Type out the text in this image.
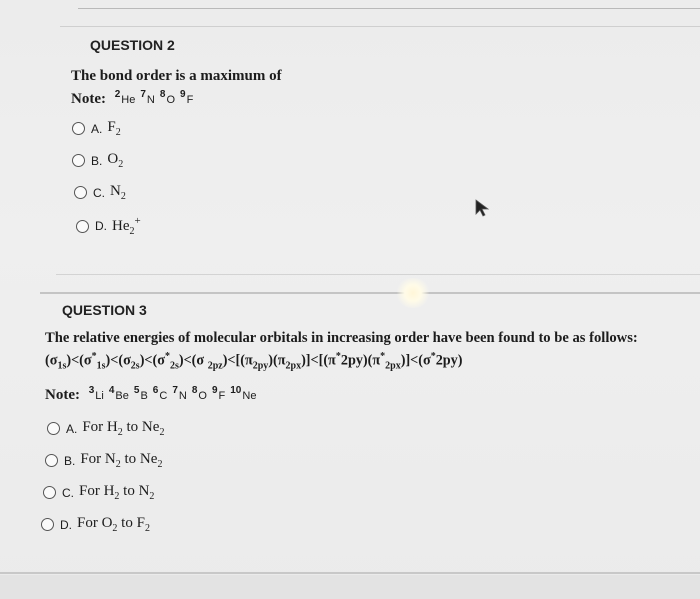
QUESTION 2
The bond order is a maximum of
Note: $^2$He $^7$N $^8$O $^9$F
A. $F_2$
B. $O_2$
C. $N_2$
D. $He_2^+$
QUESTION 3
The relative energies of molecular orbitals in increasing order have been found to be as follows:
$(\sigma_{1s})<(\sigma^*_{1s})<(\sigma_{2s})<(\sigma^*_{2s})<(\sigma$ $_{2pz})<[(\pi_{2py})(\pi_{2px})]<[(\pi^*2py)(\pi^*_{2px})]<(\sigma^*2py)$
Note: $^3$Li $^4$Be $^5$B $^6$C $^7$N $^8$O $^9$F $^{10}$Ne
A. For $H_2$ to $Ne_2$
B. For $N_2$ to $Ne_2$
C. For $H_2$ to $N_2$
D. For $O_2$ to $F_2$
